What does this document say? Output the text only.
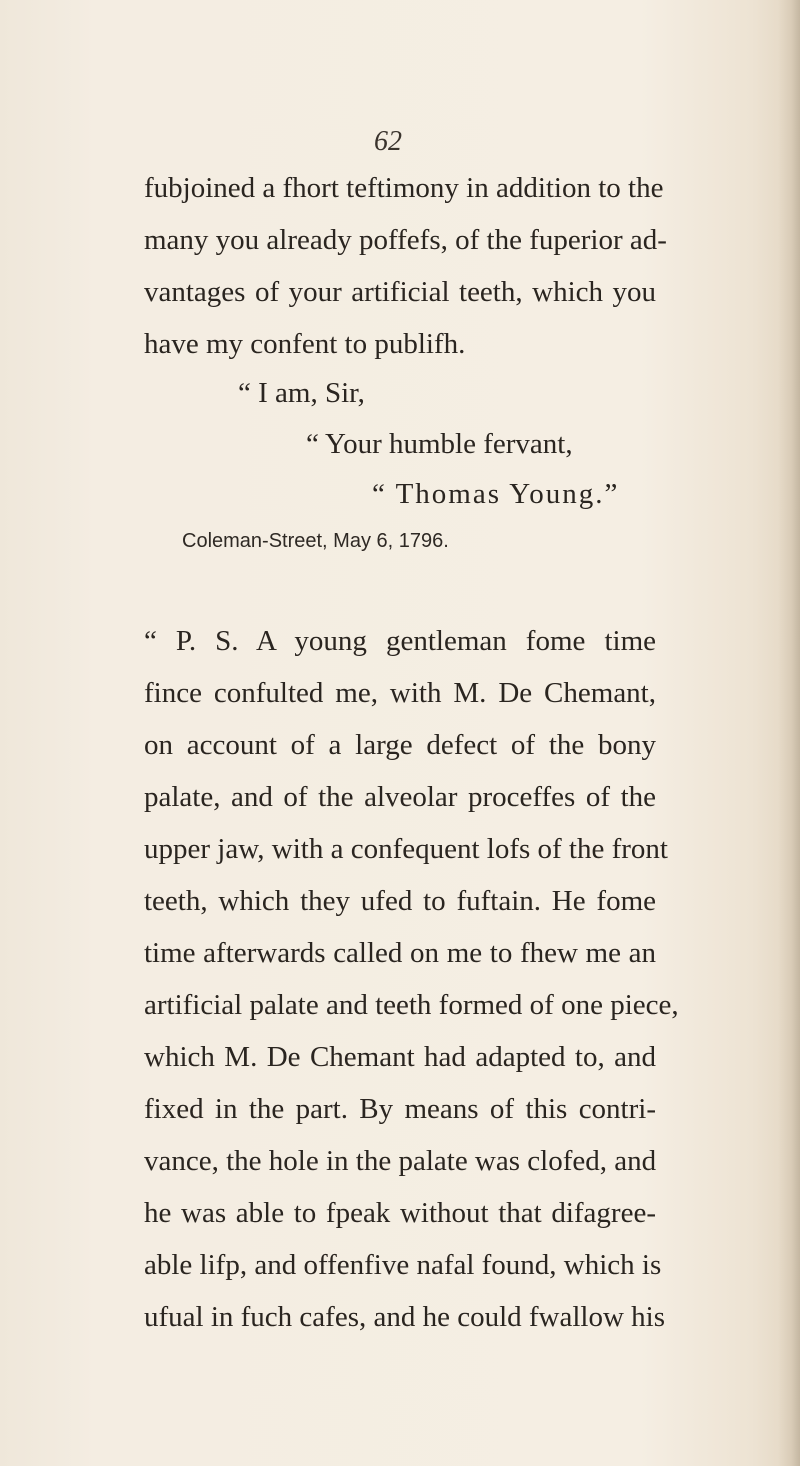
62
fubjoined a fhort teftimony in addition to the
many you already poffefs, of the fuperior ad-
vantages of your artificial teeth, which you
have my confent to publifh.
“ I am, Sir,
“ Your humble fervant,
“ Thomas Young.”
Coleman-Street, May 6, 1796.
“ P. S. A young gentleman fome time
fince confulted me, with M. De Chemant,
on account of a large defect of the bony
palate, and of the alveolar proceffes of the
upper jaw, with a confequent lofs of the front
teeth, which they ufed to fuftain. He fome
time afterwards called on me to fhew me an
artificial palate and teeth formed of one piece,
which M. De Chemant had adapted to, and
fixed in the part. By means of this contri-
vance, the hole in the palate was clofed, and
he was able to fpeak without that difagree-
able lifp, and offenfive nafal found, which is
ufual in fuch cafes, and he could fwallow his
